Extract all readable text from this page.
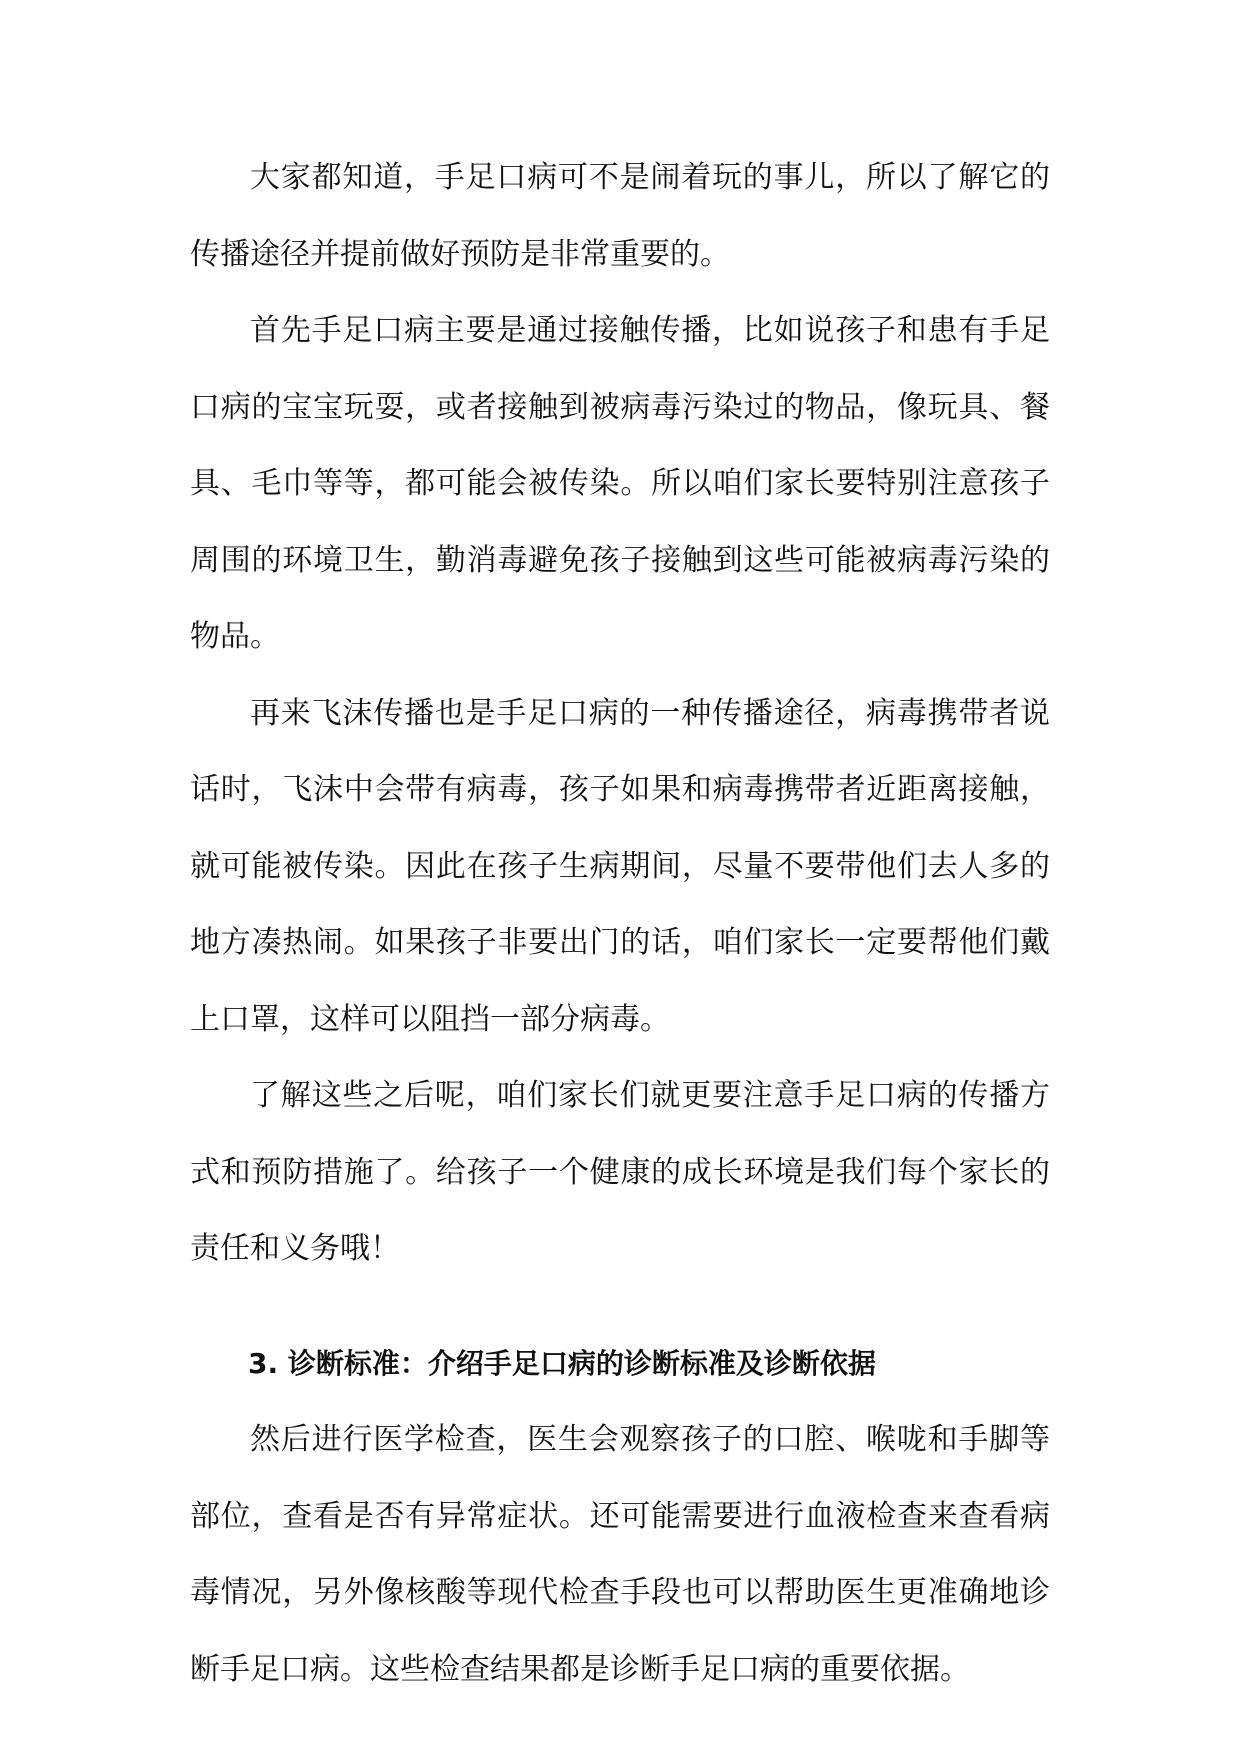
大家都知道，手足口病可不是闹着玩的事儿，所以了解它的传播途径并提前做好预防是非常重要的。

首先手足口病主要是通过接触传播，比如说孩子和患有手足口病的宝宝玩耍，或者接触到被病毒污染过的物品，像玩具、餐具、毛巾等等，都可能会被传染。所以咱们家长要特别注意孩子周围的环境卫生，勤消毒避免孩子接触到这些可能被病毒污染的物品。

再来飞沫传播也是手足口病的一种传播途径，病毒携带者说话时，飞沫中会带有病毒，孩子如果和病毒携带者近距离接触，就可能被传染。因此在孩子生病期间，尽量不要带他们去人多的地方凑热闹。如果孩子非要出门的话，咱们家长一定要帮他们戴上口罩，这样可以阻挡一部分病毒。

了解这些之后呢，咱们家长们就更要注意手足口病的传播方式和预防措施了。给孩子一个健康的成长环境是我们每个家长的责任和义务哦！

3. 诊断标准：介绍手足口病的诊断标准及诊断依据

然后进行医学检查，医生会观察孩子的口腔、喉咙和手脚等部位，查看是否有异常症状。还可能需要进行血液检查来查看病毒情况，另外像核酸等现代检查手段也可以帮助医生更准确地诊断手足口病。这些检查结果都是诊断手足口病的重要依据。
